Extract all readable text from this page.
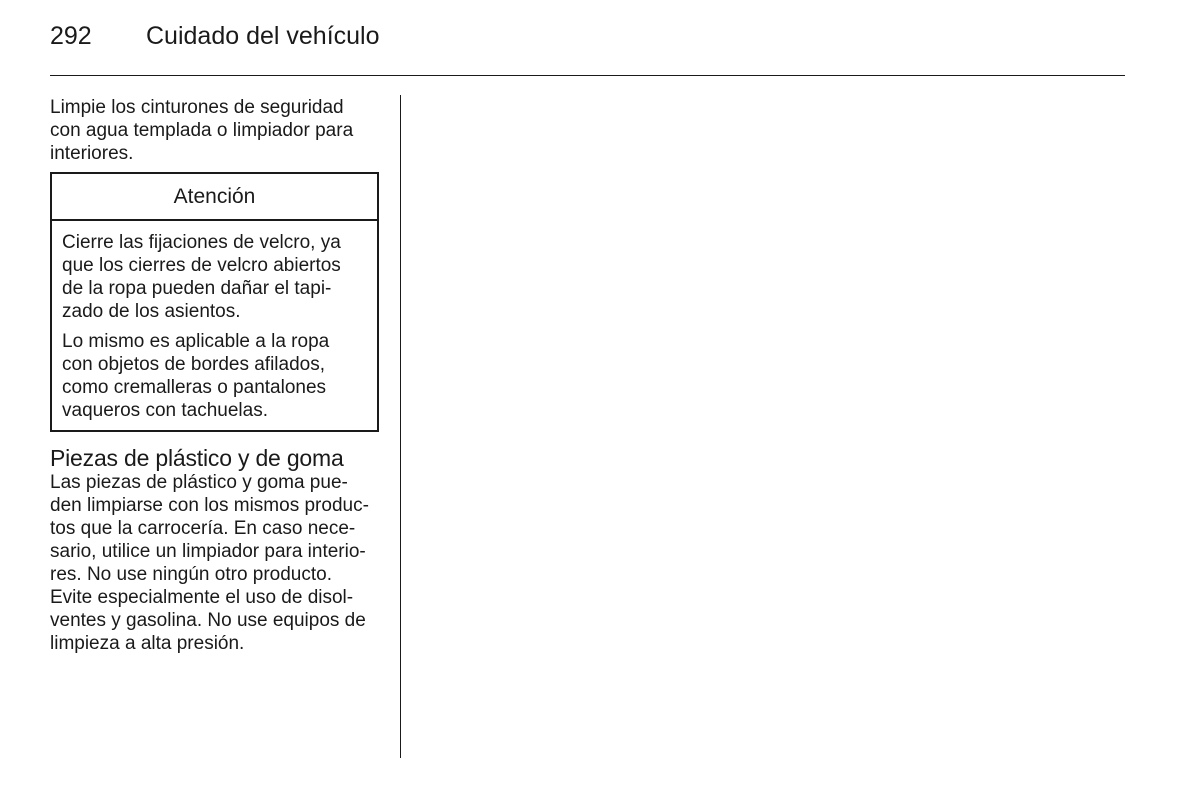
292	Cuidado del vehículo

Limpie los cinturones de seguridad
con agua templada o limpiador para
interiores.

Atención

Cierre las fijaciones de velcro, ya
que los cierres de velcro abiertos
de la ropa pueden dañar el tapi-
zado de los asientos.

Lo mismo es aplicable a la ropa
con objetos de bordes afilados,
como cremalleras o pantalones
vaqueros con tachuelas.

Piezas de plástico y de goma

Las piezas de plástico y goma pue-
den limpiarse con los mismos produc-
tos que la carrocería. En caso nece-
sario, utilice un limpiador para interio-
res. No use ningún otro producto.
Evite especialmente el uso de disol-
ventes y gasolina. No use equipos de
limpieza a alta presión.
